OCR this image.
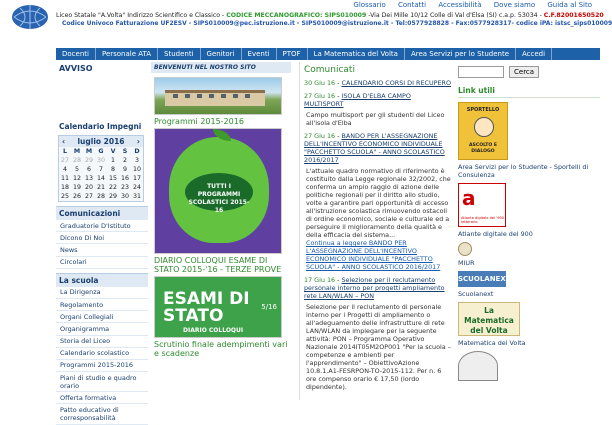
Glossario Contatti Accessibilità Dove siamo Guida al Sito
Liceo Statale "A.Volta" Indirizzo Scientifico e Classico - CODICE MECCANOGRAFICO: SIPS010009 -Via Dei Mille 10/12 Colle di Val d'Elsa (SI) c.a.p. 53034 - C.F.82001650520
Codice Univoco Fatturazione UF2ESV - SIPS010009@pec.istruzione.it - SIPS010009@istruzione.it - Tel:0577928828 - Fax:0577928317- codice iPA: istsc_sips010009
Docenti	Personale ATA	Studenti	Genitori	Eventi	PTOF	La Matematica del Volta	Area Servizi per lo Studente	Accedi
AVVISO
Calendario Impegni
‹ luglio 2016 ›
L	M M G	V	S	D
27 28 29 30 1	2	3
4	5	6	7	8	9 10
11 12 13 14 15 16 17
18 19 20 21 22 23 24
25 26 27 28 29 30 31
Comunicazioni
Graduatorie D'Istituto
Dicono Di Noi
News
Circolari
La scuola
La Dirigenza
Regolamento
Organi Collegiali
Organigramma
Storia del Liceo
Calendario scolastico
Programmi 2015-2016
Piani di studio e quadro orario
Offerta formativa
Patto educativo di corresponsabilità
BENVENUTI NEL NOSTRO SITO
Programmi 2015-2016
TUTTI I PROGRAMMI SCOLASTICI 2015-16
DIARIO COLLOQUI ESAME DI STATO 2015-'16 - TERZE PROVE
ESAMI DI STATO	5/16
DIARIO COLLOQUI
Scrutinio finale adempimenti vari e scadenze
Comunicati
30 Giu 16 - CALENDARIO CORSI DI RECUPERO
27 Giu 16 - ISOLA D'ELBA CAMPO MULTISPORT
Campo multisport per gli studenti del Liceo all'isola d'Elba
27 Giu 16 - BANDO PER L'ASSEGNAZIONE DELL'INCENTIVO ECONOMICO INDIVIDUALE "PACCHETTO SCUOLA" - ANNO SCOLASTICO 2016/2017
L'attuale quadro normativo di riferimento è costituito dalla Legge regionale 32/2002, che conferma un ampio raggio di azione delle politiche regionali per il diritto allo studio, volte a garantire pari opportunità di accesso all'istruzione scolastica rimuovendo ostacoli di ordine economico, sociale e culturale ed a perseguire il miglioramento della qualità e della efficacia del sistema...
Continua a leggere BANDO PER L'ASSEGNAZIONE DELL'INCENTIVO ECONOMICO INDIVIDUALE "PACCHETTO SCUOLA" - ANNO SCOLASTICO 2016/2017
17 Giu 16 - Selezione per il reclutamento personale interno per progetti ampliamento rete LAN/WLAN – PON
Selezione per il reclutamento di personale interno per i Progetti di ampliamento o all'adeguamento delle infrastrutture di rete LAN/WLAN da impiegare per la seguente attività: PON – Programma Operativo Nazionale 2014IT05M2OP001 "Per la scuola – competenze e ambienti per l'apprendimento" – ObiettivoAzione 10.8.1.A1-FESRPON-TO-2015-112. Per n. 6 ore compenso orario € 17,50 (lordo dipendente).
Cerca
Link utili
SPORTELLO
ASCOLTO E DIALOGO
Area Servizi per lo Studente - Sportelli di Consulenza
a
Atlante digitale del '900 letterario
Atlante digitale del 900
MIUR
SCUOLANEXT
Scuolanext
La Matematica del Volta
Matematica del Volta
